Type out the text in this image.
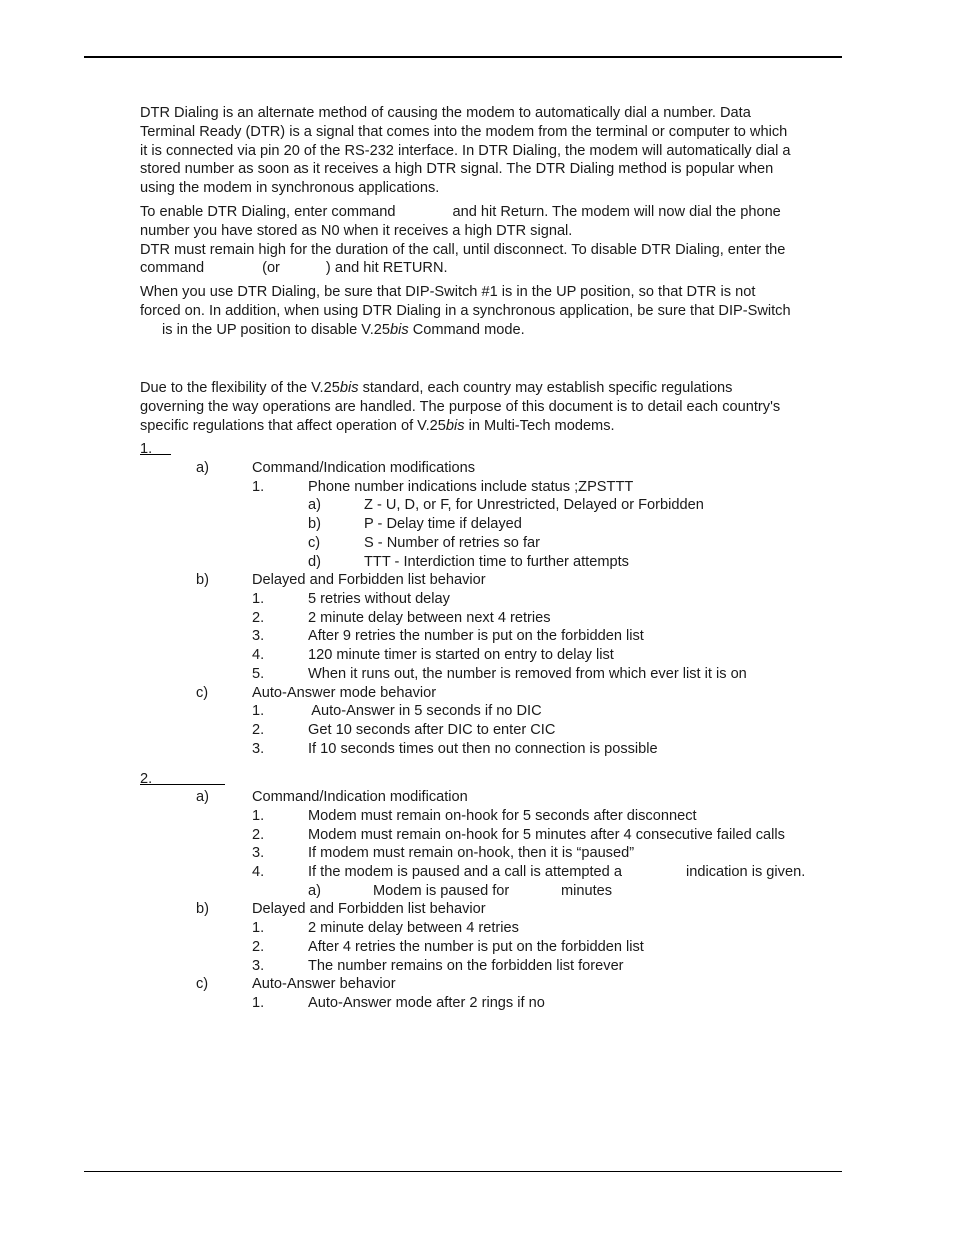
DTR Dialing is an alternate method of causing the modem to automatically dial a number. Data
Terminal Ready (DTR) is a signal that comes into the modem from the terminal or computer to which
it is connected via pin 20 of the RS-232 interface. In DTR Dialing, the modem will automatically dial a
stored number as soon as it receives a high DTR signal. The DTR Dialing method is popular when
using the modem in synchronous applications.

To enable DTR Dialing, enter command	and hit Return. The modem will now dial the phone
number you have stored as N0 when it receives a high DTR signal.
DTR must remain high for the duration of the call, until disconnect. To disable DTR Dialing, enter the
command	(or	) and hit RETURN.

When you use DTR Dialing, be sure that DIP-Switch #1 is in the UP position, so that DTR is not
forced on. In addition, when using DTR Dialing in a synchronous application, be sure that DIP-Switch
is in the UP position to disable V.25bis Command mode.

Due to the flexibility of the V.25bis standard, each country may establish specific regulations
governing the way operations are handled. The purpose of this document is to detail each country's
specific regulations that affect operation of V.25bis in Multi-Tech modems.

1.
a)	Command/Indication modifications
1.	Phone number indications include status ;ZPSTTT
a)	Z - U, D, or F, for Unrestricted, Delayed or Forbidden
b)	P - Delay time if delayed
c)	S - Number of retries so far
d)	TTT - Interdiction time to further attempts
b)	Delayed and Forbidden list behavior
1.	5 retries without delay
2.	2 minute delay between next 4 retries
3.	After 9 retries the number is put on the forbidden list
4.	120 minute timer is started on entry to delay list
5.	When it runs out, the number is removed from which ever list it is on
c)	Auto-Answer mode behavior
1.	Auto-Answer in 5 seconds if no DIC
2.	Get 10 seconds after DIC to enter CIC
3.	If 10 seconds times out then no connection is possible
2.
a)	Command/Indication modification
1.	Modem must remain on-hook for 5 seconds after disconnect
2.	Modem must remain on-hook for 5 minutes after 4 consecutive failed calls
3.	If modem must remain on-hook, then it is “paused”
4.	If the modem is paused and a call is attempted a	indication is given.
a)	Modem is paused for	minutes
b)	Delayed and Forbidden list behavior
1.	2 minute delay between 4 retries
2.	After 4 retries the number is put on the forbidden list
3.	The number remains on the forbidden list forever
c)	Auto-Answer behavior
1.	Auto-Answer mode after 2 rings if no
